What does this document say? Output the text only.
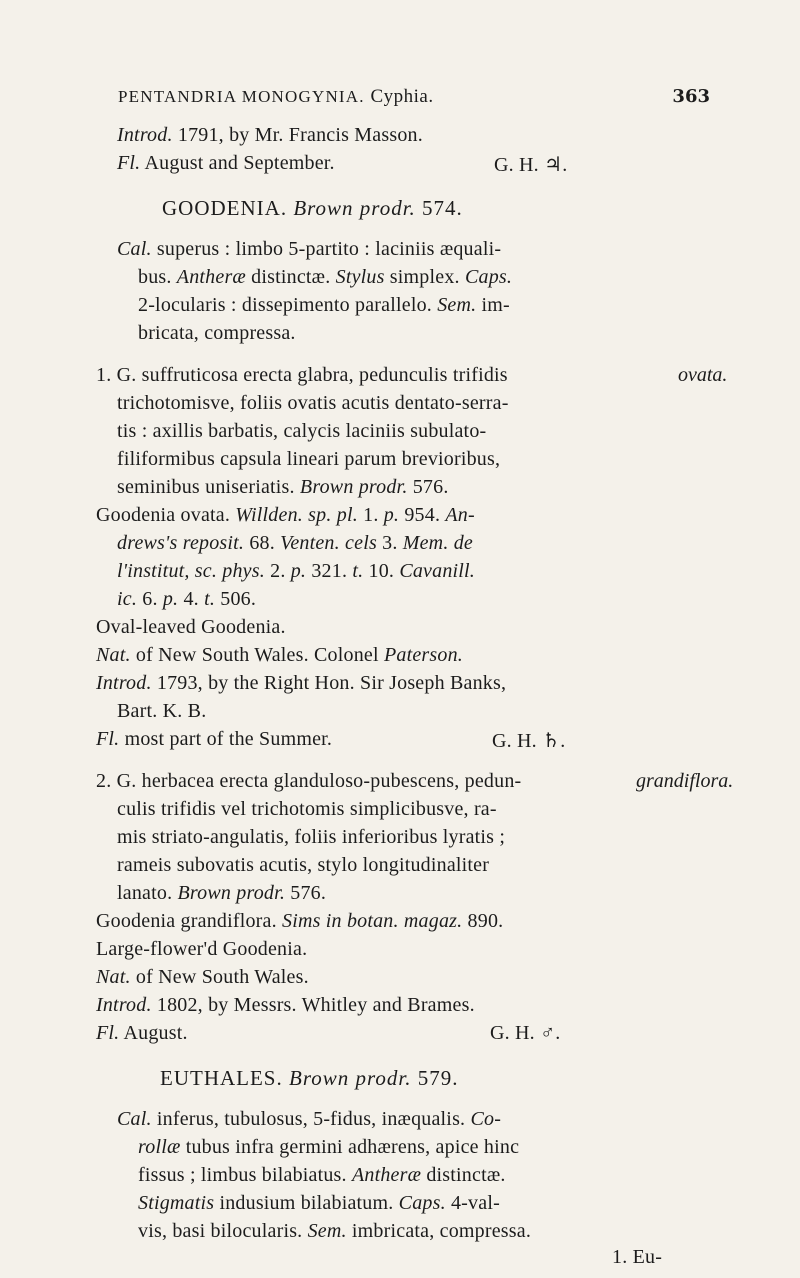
PENTANDRIA MONOGYNIA. Cyphia.	363
Introd. 1791, by Mr. Francis Masson.
Fl. August and September.	G. H. ♃.
GOODENIA. Brown prodr. 574.
Cal. superus : limbo 5-partito : laciniis æquali-
bus. Antheræ distinctæ. Stylus simplex. Caps.
2-locularis : dissepimento parallelo. Sem. im-
bricata, compressa.
1. G. suffruticosa erecta glabra, pedunculis trifidis	ovata.
trichotomisve, foliis ovatis acutis dentato-serra-
tis : axillis barbatis, calycis laciniis subulato-
filiformibus capsula lineari parum brevioribus,
seminibus uniseriatis. Brown prodr. 576.
Goodenia ovata. Willden. sp. pl. 1. p. 954. An-
drews's reposit. 68. Venten. cels 3. Mem. de
l'institut, sc. phys. 2. p. 321. t. 10. Cavanill.
ic. 6. p. 4. t. 506.
Oval-leaved Goodenia.
Nat. of New South Wales. Colonel Paterson.
Introd. 1793, by the Right Hon. Sir Joseph Banks,
Bart. K. B.
Fl. most part of the Summer.	G. H. ♄.
2. G. herbacea erecta glanduloso-pubescens, pedun-	grandiflora.
culis trifidis vel trichotomis simplicibusve, ra-
mis striato-angulatis, foliis inferioribus lyratis ;
rameis subovatis acutis, stylo longitudinaliter
lanato. Brown prodr. 576.
Goodenia grandiflora. Sims in botan. magaz. 890.
Large-flower'd Goodenia.
Nat. of New South Wales.
Introd. 1802, by Messrs. Whitley and Brames.
Fl. August.	G. H. ♂.
EUTHALES. Brown prodr. 579.
Cal. inferus, tubulosus, 5-fidus, inæqualis. Co-
rollæ tubus infra germini adhærens, apice hinc
fissus ; limbus bilabiatus. Antheræ distinctæ.
Stigmatis indusium bilabiatum. Caps. 4-val-
vis, basi bilocularis. Sem. imbricata, compressa.
1. Eu-
